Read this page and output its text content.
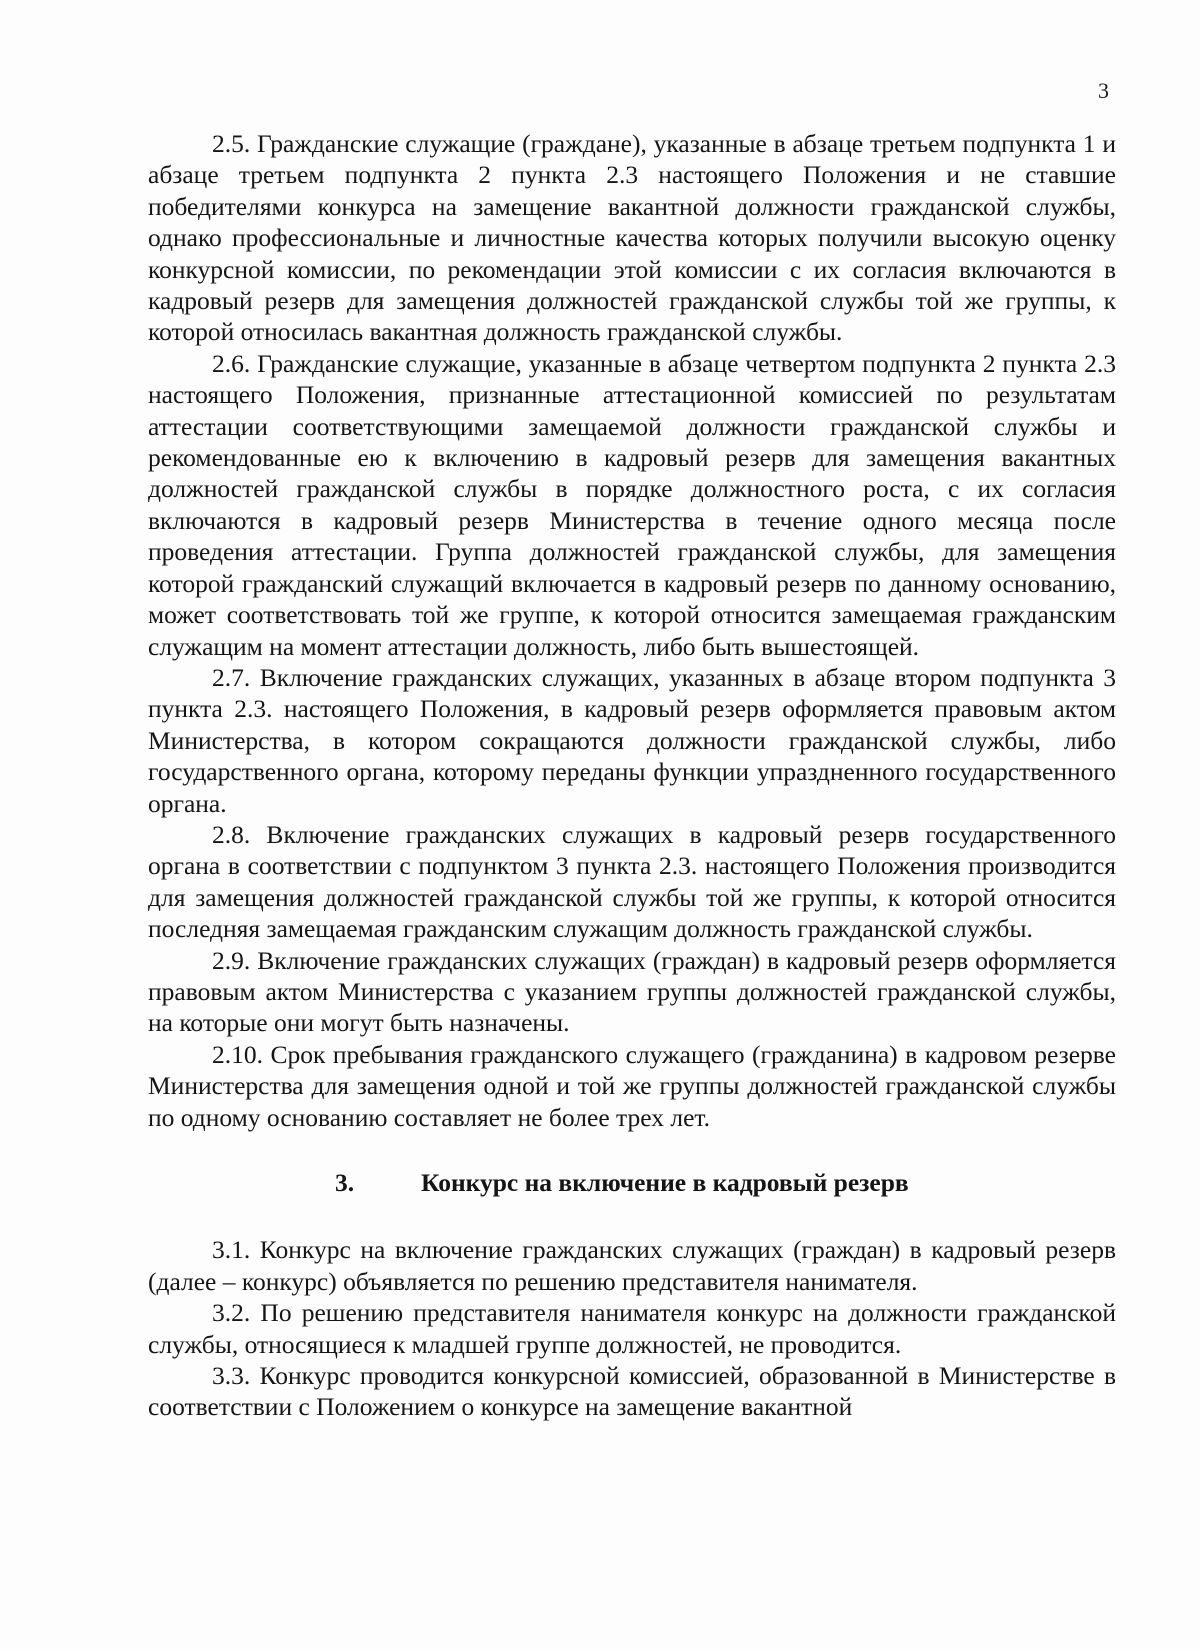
3

2.5. Гражданские служащие (граждане), указанные в абзаце третьем подпункта 1 и абзаце третьем подпункта 2 пункта 2.3 настоящего Положения и не ставшие победителями конкурса на замещение вакантной должности гражданской службы, однако профессиональные и личностные качества которых получили высокую оценку конкурсной комиссии, по рекомендации этой комиссии с их согласия включаются в кадровый резерв для замещения должностей гражданской службы той же группы, к которой относилась вакантная должность гражданской службы.

2.6. Гражданские служащие, указанные в абзаце четвертом подпункта 2 пункта 2.3 настоящего Положения, признанные аттестационной комиссией по результатам аттестации соответствующими замещаемой должности гражданской службы и рекомендованные ею к включению в кадровый резерв для замещения вакантных должностей гражданской службы в порядке должностного роста, с их согласия включаются в кадровый резерв Министерства в течение одного месяца после проведения аттестации. Группа должностей гражданской службы, для замещения которой гражданский служащий включается в кадровый резерв по данному основанию, может соответствовать той же группе, к которой относится замещаемая гражданским служащим на момент аттестации должность, либо быть вышестоящей.

2.7. Включение гражданских служащих, указанных в абзаце втором подпункта 3 пункта 2.3. настоящего Положения, в кадровый резерв оформляется правовым актом Министерства, в котором сокращаются должности гражданской службы, либо государственного органа, которому переданы функции упраздненного государственного органа.

2.8. Включение гражданских служащих в кадровый резерв государственного органа в соответствии с подпунктом 3 пункта 2.3. настоящего Положения производится для замещения должностей гражданской службы той же группы, к которой относится последняя замещаемая гражданским служащим должность гражданской службы.

2.9. Включение гражданских служащих (граждан) в кадровый резерв оформляется правовым актом Министерства с указанием группы должностей гражданской службы, на которые они могут быть назначены.

2.10. Срок пребывания гражданского служащего (гражданина) в кадровом резерве Министерства для замещения одной и той же группы должностей гражданской службы по одному основанию составляет не более трех лет.

3.	Конкурс на включение в кадровый резерв

3.1. Конкурс на включение гражданских служащих (граждан) в кадровый резерв (далее – конкурс) объявляется по решению представителя нанимателя.

3.2. По решению представителя нанимателя конкурс на должности гражданской службы, относящиеся к младшей группе должностей, не проводится.

3.3. Конкурс проводится конкурсной комиссией, образованной в Министерстве в соответствии с Положением о конкурсе на замещение вакантной
